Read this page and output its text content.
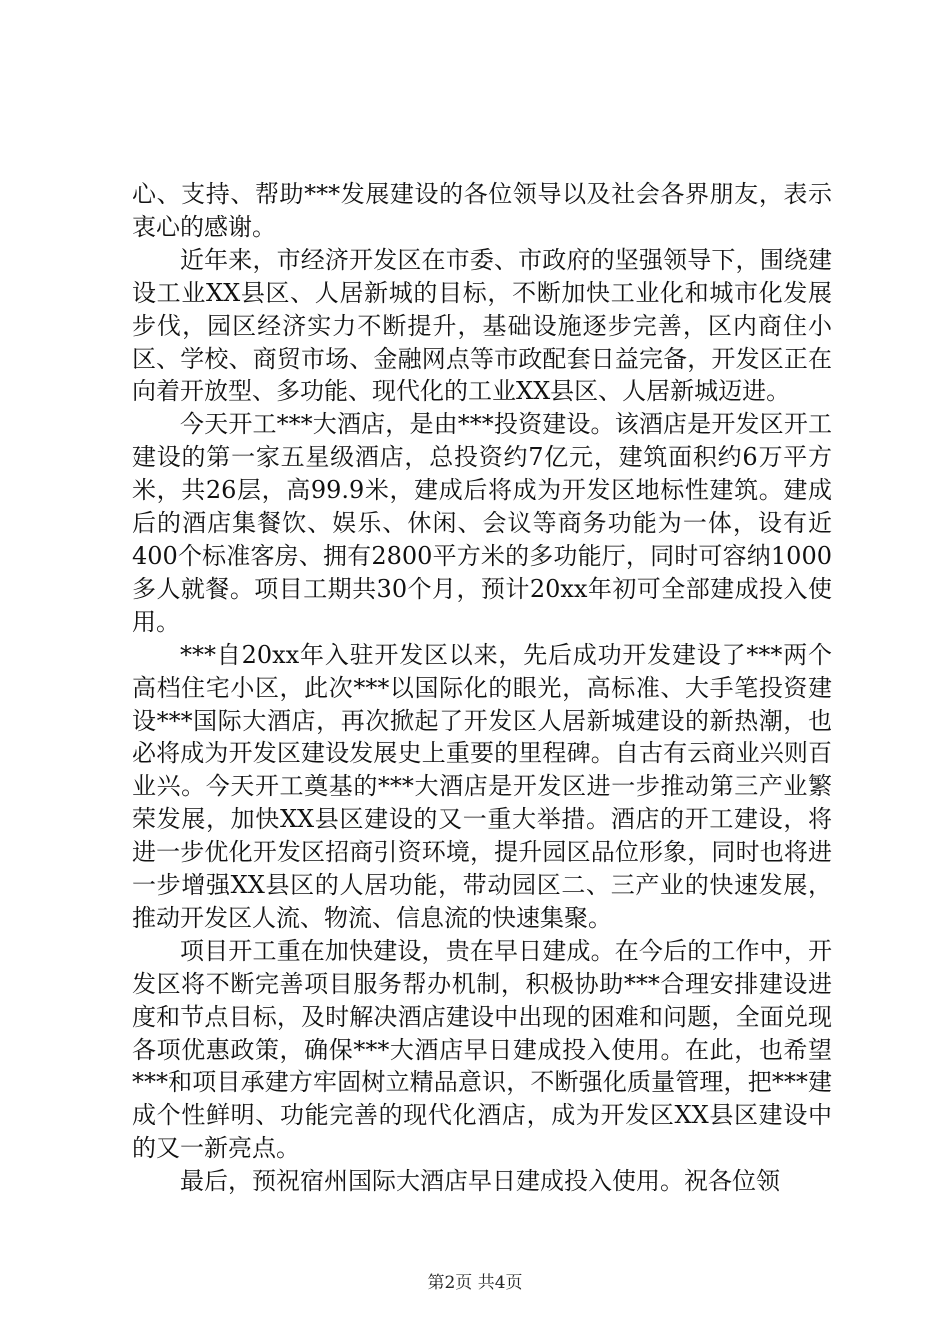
心、支持、帮助***发展建设的各位领导以及社会各界朋友，表示衷心的感谢。

近年来，市经济开发区在市委、市政府的坚强领导下，围绕建设工业XX县区、人居新城的目标，不断加快工业化和城市化发展步伐，园区经济实力不断提升，基础设施逐步完善，区内商住小区、学校、商贸市场、金融网点等市政配套日益完备，开发区正在向着开放型、多功能、现代化的工业XX县区、人居新城迈进。

今天开工***大酒店，是由***投资建设。该酒店是开发区开工建设的第一家五星级酒店，总投资约7亿元，建筑面积约6万平方米，共26层，高99.9米，建成后将成为开发区地标性建筑。建成后的酒店集餐饮、娱乐、休闲、会议等商务功能为一体，设有近400个标准客房、拥有2800平方米的多功能厅，同时可容纳1000多人就餐。项目工期共30个月，预计20xx年初可全部建成投入使用。

***自20xx年入驻开发区以来，先后成功开发建设了***两个高档住宅小区，此次***以国际化的眼光，高标准、大手笔投资建设***国际大酒店，再次掀起了开发区人居新城建设的新热潮，也必将成为开发区建设发展史上重要的里程碑。自古有云商业兴则百业兴。今天开工奠基的***大酒店是开发区进一步推动第三产业繁荣发展，加快XX县区建设的又一重大举措。酒店的开工建设，将进一步优化开发区招商引资环境，提升园区品位形象，同时也将进一步增强XX县区的人居功能，带动园区二、三产业的快速发展，推动开发区人流、物流、信息流的快速集聚。

项目开工重在加快建设，贵在早日建成。在今后的工作中，开发区将不断完善项目服务帮办机制，积极协助***合理安排建设进度和节点目标，及时解决酒店建设中出现的困难和问题，全面兑现各项优惠政策，确保***大酒店早日建成投入使用。在此，也希望***和项目承建方牢固树立精品意识，不断强化质量管理，把***建成个性鲜明、功能完善的现代化酒店，成为开发区XX县区建设中的又一新亮点。

最后，预祝宿州国际大酒店早日建成投入使用。祝各位领

第2页 共4页
